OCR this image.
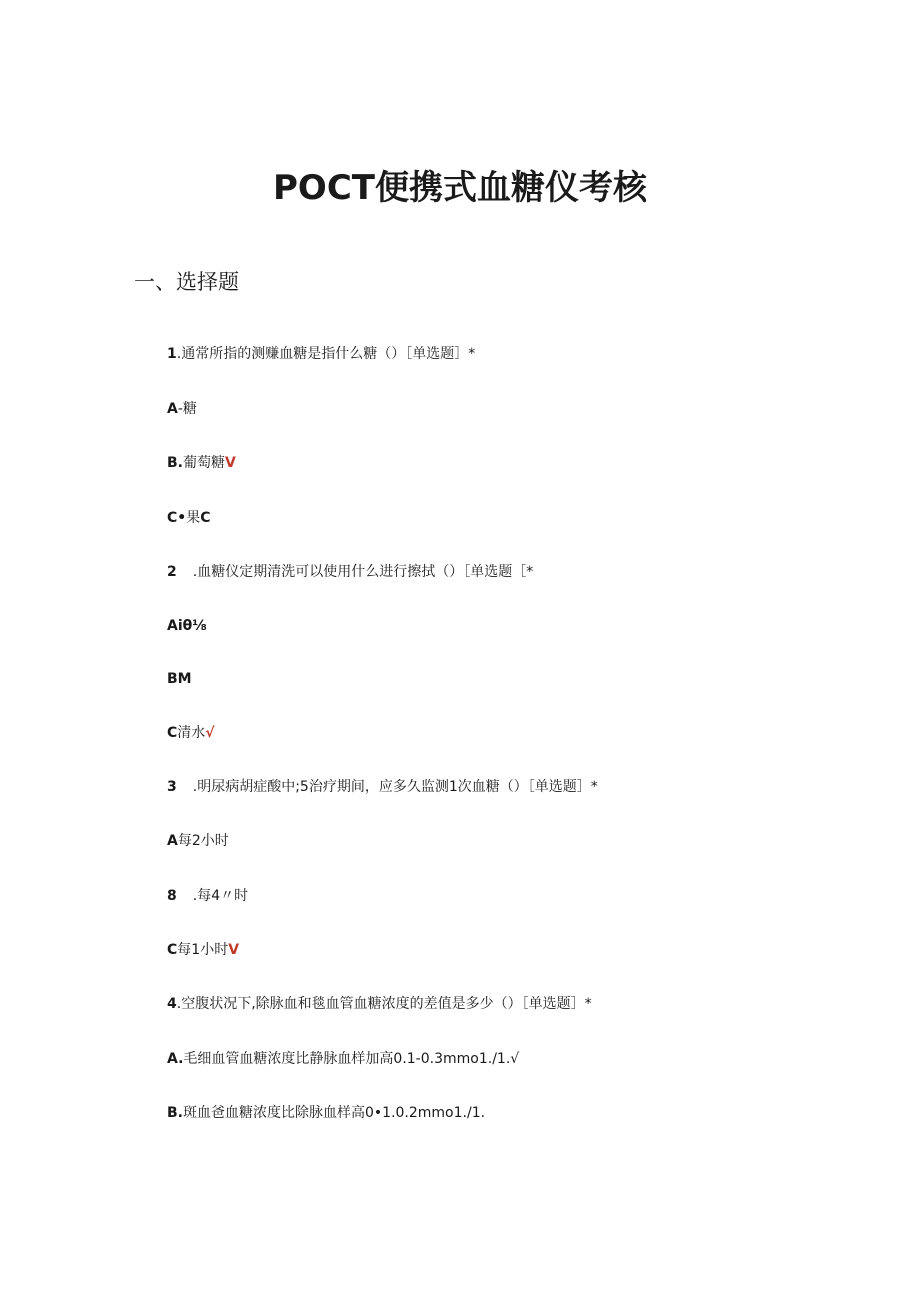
POCT便携式血糖仪考核
一、选择题
1.通常所指的测赚血糖是指什么糖（）［单选题］*
A-糖
B.葡萄糖V
C•果C
2 .血糖仪定期清洗可以使用什么进行擦拭（）［单选题［*
Aiθ⅛
BM
C清水√
3 .明尿病胡症酸中;5治疗期间，应多久监测1次血糖（）［单选题］*
A每2小时
8 .每4〃时
C每1小时V
4.空腹状况下,除脉血和毯血管血糖浓度的差值是多少（）［单选题］*
A.毛细血管血糖浓度比静脉血样加高0.1-0.3mmo1./1.√
B.斑血爸血糖浓度比除脉血样高0•1.0.2mmo1./1.
